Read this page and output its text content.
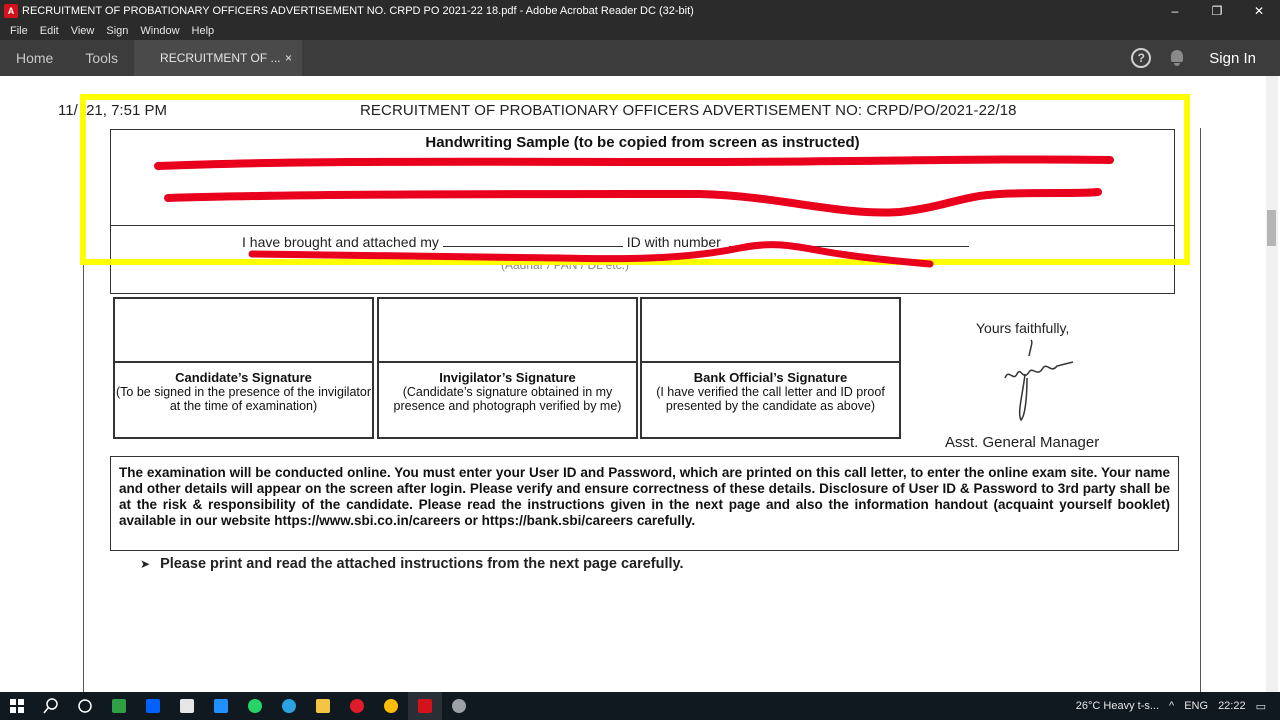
A RECRUITMENT OF PROBATIONARY OFFICERS ADVERTISEMENT NO. CRPD PO 2021-22 18.pdf - Adobe Acrobat Reader DC (32-bit)	–	❐	✕
File	Edit	View	Sign	Window	Help
Home	Tools	RECRUITMENT OF ... ×	?	Sign In
11/ /21, 7:51 PM	RECRUITMENT OF PROBATIONARY OFFICERS ADVERTISEMENT NO: CRPD/PO/2021-22/18
Handwriting Sample (to be copied from screen as instructed)
I have brought and attached my	ID with number
(Aadhar / PAN / DL etc.)
Candidate’s Signature
(To be signed in the presence of the invigilator at the time of examination)
Invigilator’s Signature
(Candidate’s signature obtained in my presence and photograph verified by me)
Bank Official’s Signature
(I have verified the call letter and ID proof presented by the candidate as above)
Yours faithfully,
Asst. General Manager
The examination will be conducted online. You must enter your User ID and Password, which are printed on this call letter, to enter the online exam site. Your name and other details will appear on the screen after login. Please verify and ensure correctness of these details. Disclosure of User ID & Password to 3rd party shall be at the risk & responsibility of the candidate. Please read the instructions given in the next page and also the information handout (acquaint yourself booklet) available in our website https://www.sbi.co.in/careers or https://bank.sbi/careers carefully.
➤ Please print and read the attached instructions from the next page carefully.
26°C Heavy t-s... ^ ENG 22:22 ▭
